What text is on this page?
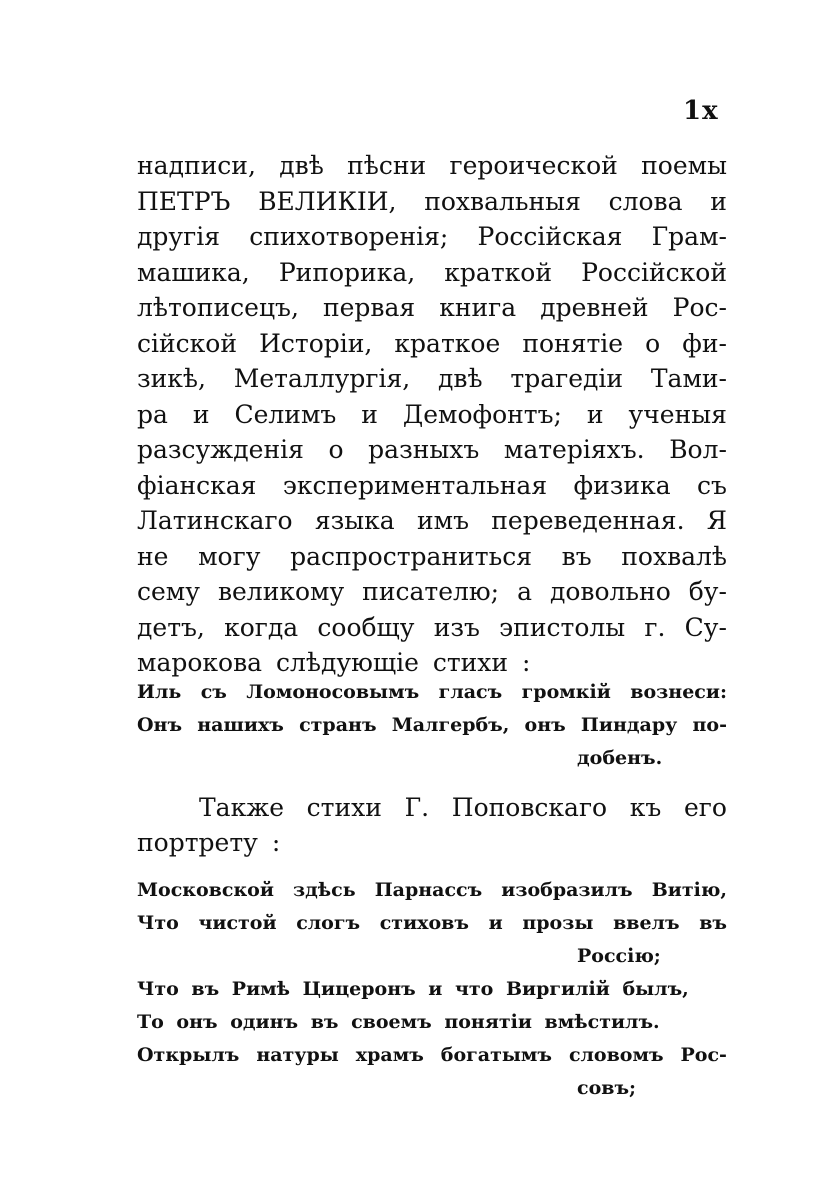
1x
надписи, двѣ пѣсни героической поемы
ПЕТРЪ ВЕЛИКІИ, похвальныя слова и
другія спихотворенія; Россійская Грам-
машика, Рипорика, краткой Россійской
лѣтописецъ, первая книга древней Рос-
сійской Исторіи, краткое понятіе о фи-
зикѣ, Металлургія, двѣ трагедіи Тами-
ра и Селимъ и Демофонтъ; и ученыя
разсужденія о разныхъ матеріяхъ. Вол-
фіанская экспериментальная физика съ
Латинскаго языка имъ переведенная. Я
не могу распространиться въ похвалѣ
сему великому писателю; а довольно бу-
детъ, когда сообщу изъ эпистолы г. Су-
марокова слѣдующіе стихи :
Иль съ Ломоносовымъ гласъ громкій вознеси:
Онъ нашихъ странъ Малгербъ, онъ Пиндару по-
добенъ.
Также стихи Г. Поповскаго къ его
портрету :
Московской здѣсь Парнассъ изобразилъ Витію,
Что чистой слогъ стиховъ и прозы ввелъ въ
Россію;
Что въ Римѣ Цицеронъ и что Виргилій былъ,
То онъ одинъ въ своемъ понятіи вмѣстилъ.
Открылъ натуры храмъ богатымъ словомъ Рос-
совъ;
